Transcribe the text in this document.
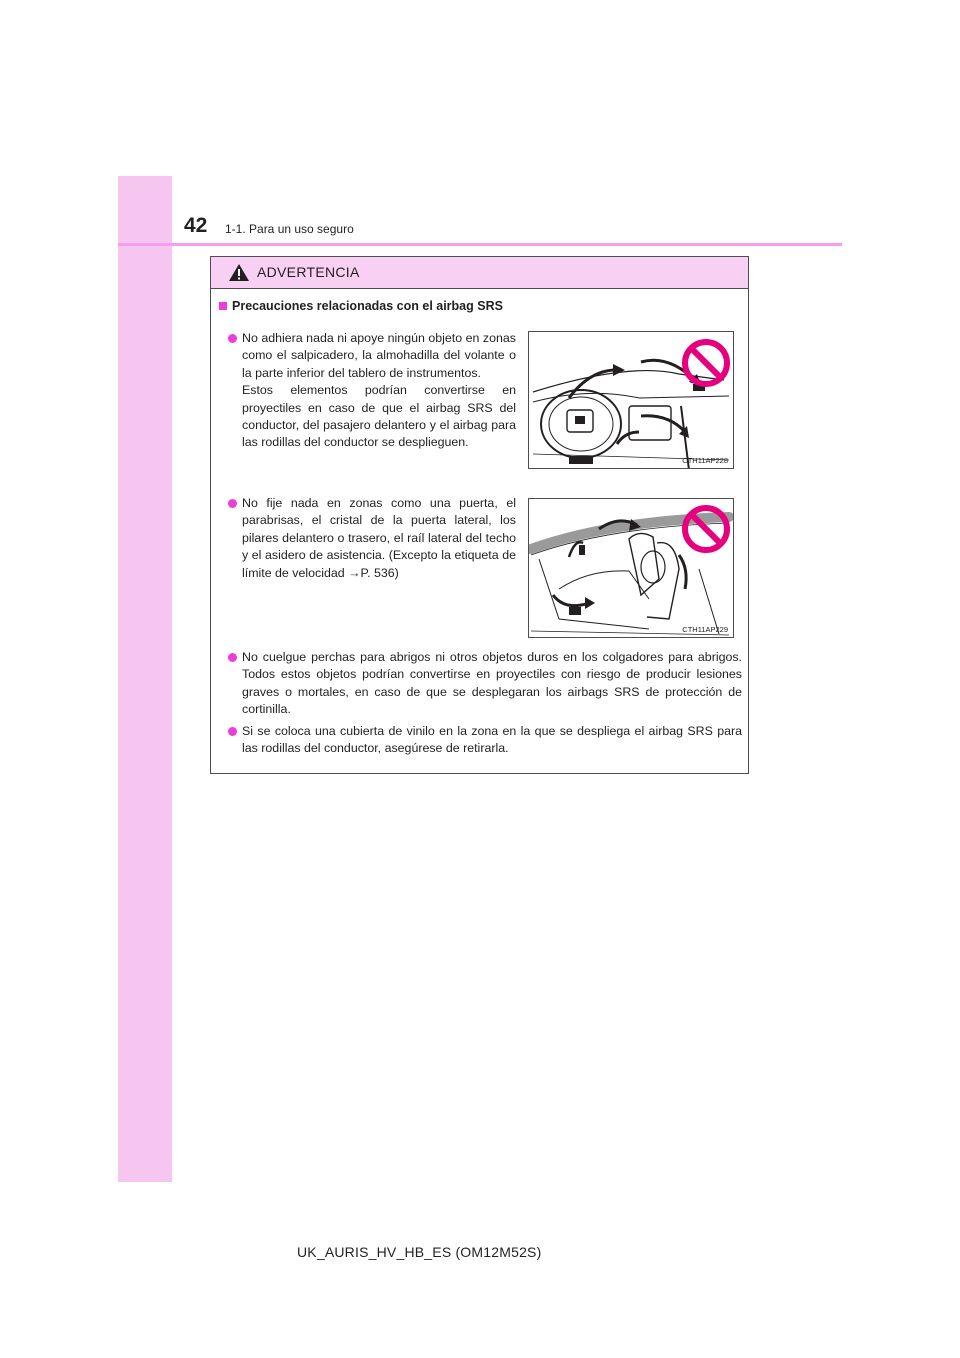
42 1-1. Para un uso seguro
ADVERTENCIA
Precauciones relacionadas con el airbag SRS
No adhiera nada ni apoye ningún objeto en zonas como el salpicadero, la almohadilla del volante o la parte inferior del tablero de instrumentos.
Estos elementos podrían convertirse en proyectiles en caso de que el airbag SRS del conductor, del pasajero delantero y el airbag para las rodillas del conductor se desplieguen.
CTH11AP228
No fije nada en zonas como una puerta, el parabrisas, el cristal de la puerta lateral, los pilares delantero o trasero, el raíl lateral del techo y el asidero de asistencia. (Excepto la etiqueta de límite de velocidad →P. 536)
CTH11AP229
No cuelgue perchas para abrigos ni otros objetos duros en los colgadores para abrigos. Todos estos objetos podrían convertirse en proyectiles con riesgo de producir lesiones graves o mortales, en caso de que se desplegaran los airbags SRS de protección de cortinilla.
Si se coloca una cubierta de vinilo en la zona en la que se despliega el airbag SRS para las rodillas del conductor, asegúrese de retirarla.
UK_AURIS_HV_HB_ES (OM12M52S)
